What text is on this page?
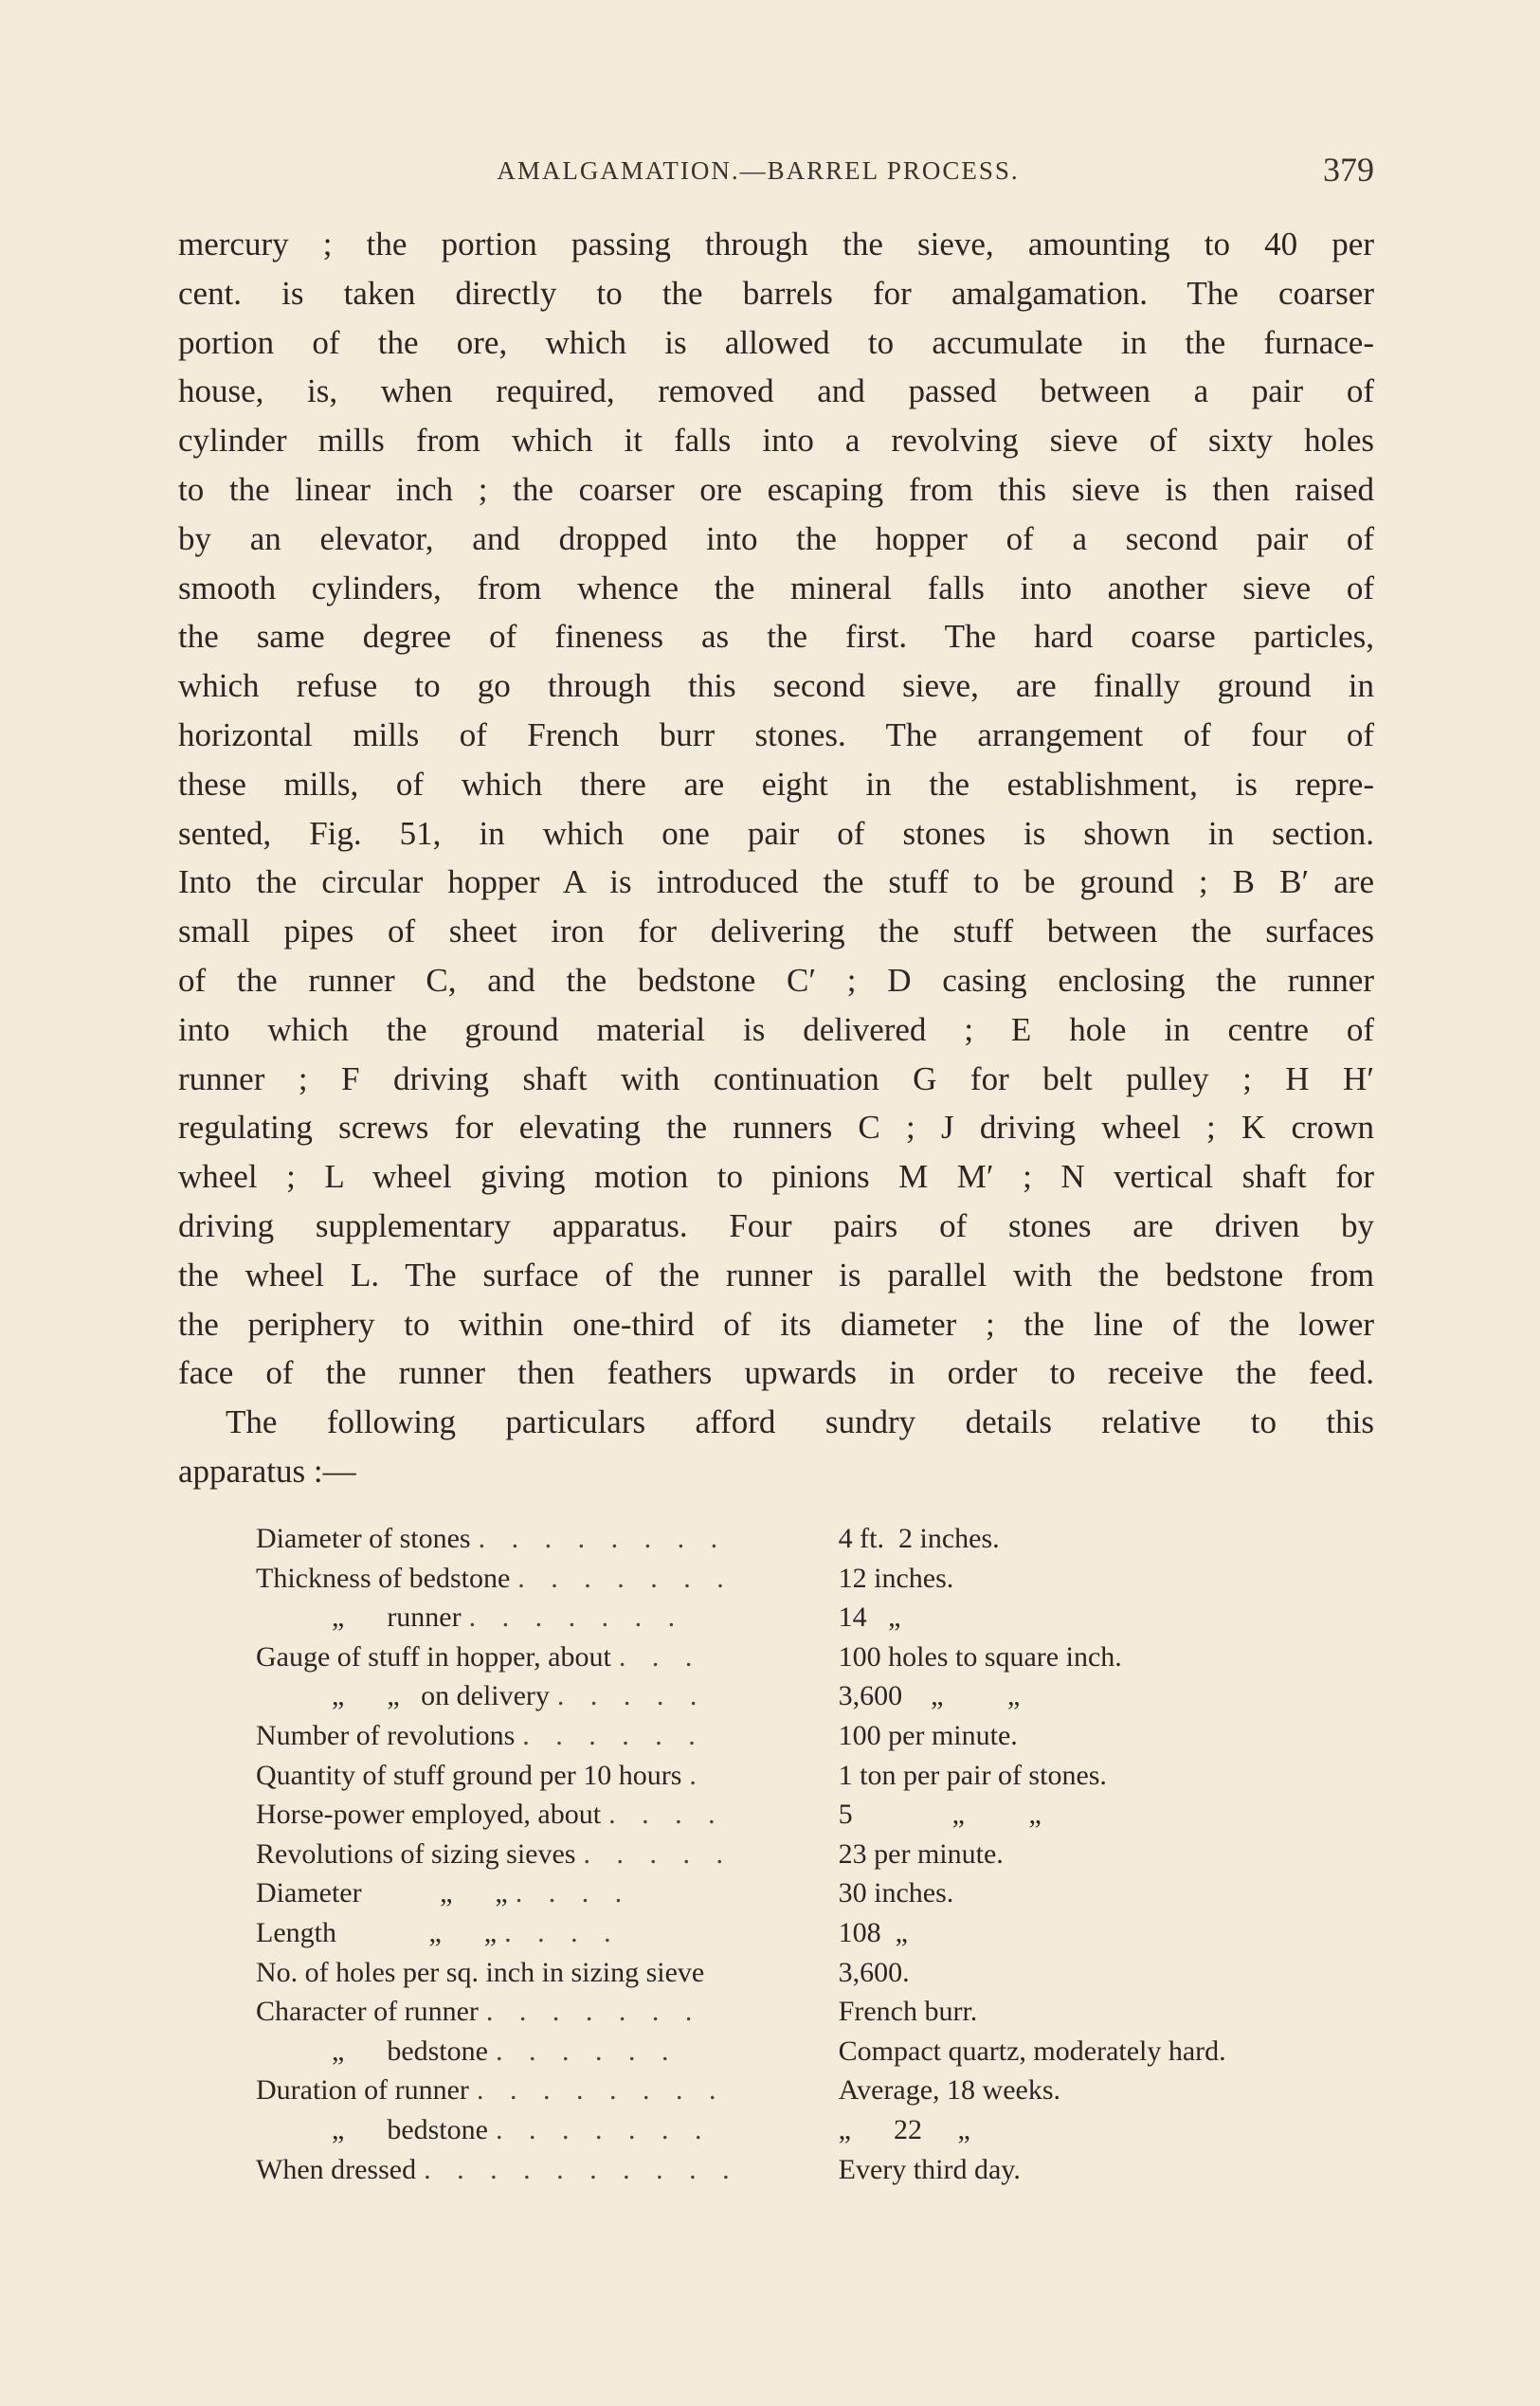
AMALGAMATION.—BARREL PROCESS.	379
mercury ; the portion passing through the sieve, amounting to 40 per
cent. is taken directly to the barrels for amalgamation. The coarser
portion of the ore, which is allowed to accumulate in the furnace-
house, is, when required, removed and passed between a pair of
cylinder mills from which it falls into a revolving sieve of sixty holes
to the linear inch ; the coarser ore escaping from this sieve is then raised
by an elevator, and dropped into the hopper of a second pair of
smooth cylinders, from whence the mineral falls into another sieve of
the same degree of fineness as the first. The hard coarse particles,
which refuse to go through this second sieve, are finally ground in
horizontal mills of French burr stones. The arrangement of four of
these mills, of which there are eight in the establishment, is repre-
sented, Fig. 51, in which one pair of stones is shown in section.
Into the circular hopper A is introduced the stuff to be ground ; B B′ are
small pipes of sheet iron for delivering the stuff between the surfaces
of the runner C, and the bedstone C′ ; D casing enclosing the runner
into which the ground material is delivered ; E hole in centre of
runner ; F driving shaft with continuation G for belt pulley ; H H′
regulating screws for elevating the runners C ; J driving wheel ; K crown
wheel ; L wheel giving motion to pinions M M′ ; N vertical shaft for
driving supplementary apparatus. Four pairs of stones are driven by
the wheel L. The surface of the runner is parallel with the bedstone from
the periphery to within one-third of its diameter ; the line of the lower
face of the runner then feathers upwards in order to receive the feed.
The following particulars afford sundry details relative to this
apparatus :—
Diameter of stones . . . . . . . .	4 ft.  2 inches.
Thickness of bedstone . . . . . . .	12 inches.
„      runner . . . . . . .	14   „
Gauge of stuff in hopper, about . . .	100 holes to square inch.
„      „   on delivery . . . . .	3,600    „         „
Number of revolutions . . . . . .	100 per minute.
Quantity of stuff ground per 10 hours .	1 ton per pair of stones.
Horse-power employed, about . . . .	5              „         „
Revolutions of sizing sieves . . . . .	23 per minute.
Diameter           „      „ . . . .	30 inches.
Length             „      „ . . . .	108  „
No. of holes per sq. inch in sizing sieve	3,600.
Character of runner . . . . . . .	French burr.
„      bedstone . . . . . .	Compact quartz, moderately hard.
Duration of runner . . . . . . . .	Average, 18 weeks.
„      bedstone . . . . . . .	„      22     „
When dressed . . . . . . . . . .	Every third day.
